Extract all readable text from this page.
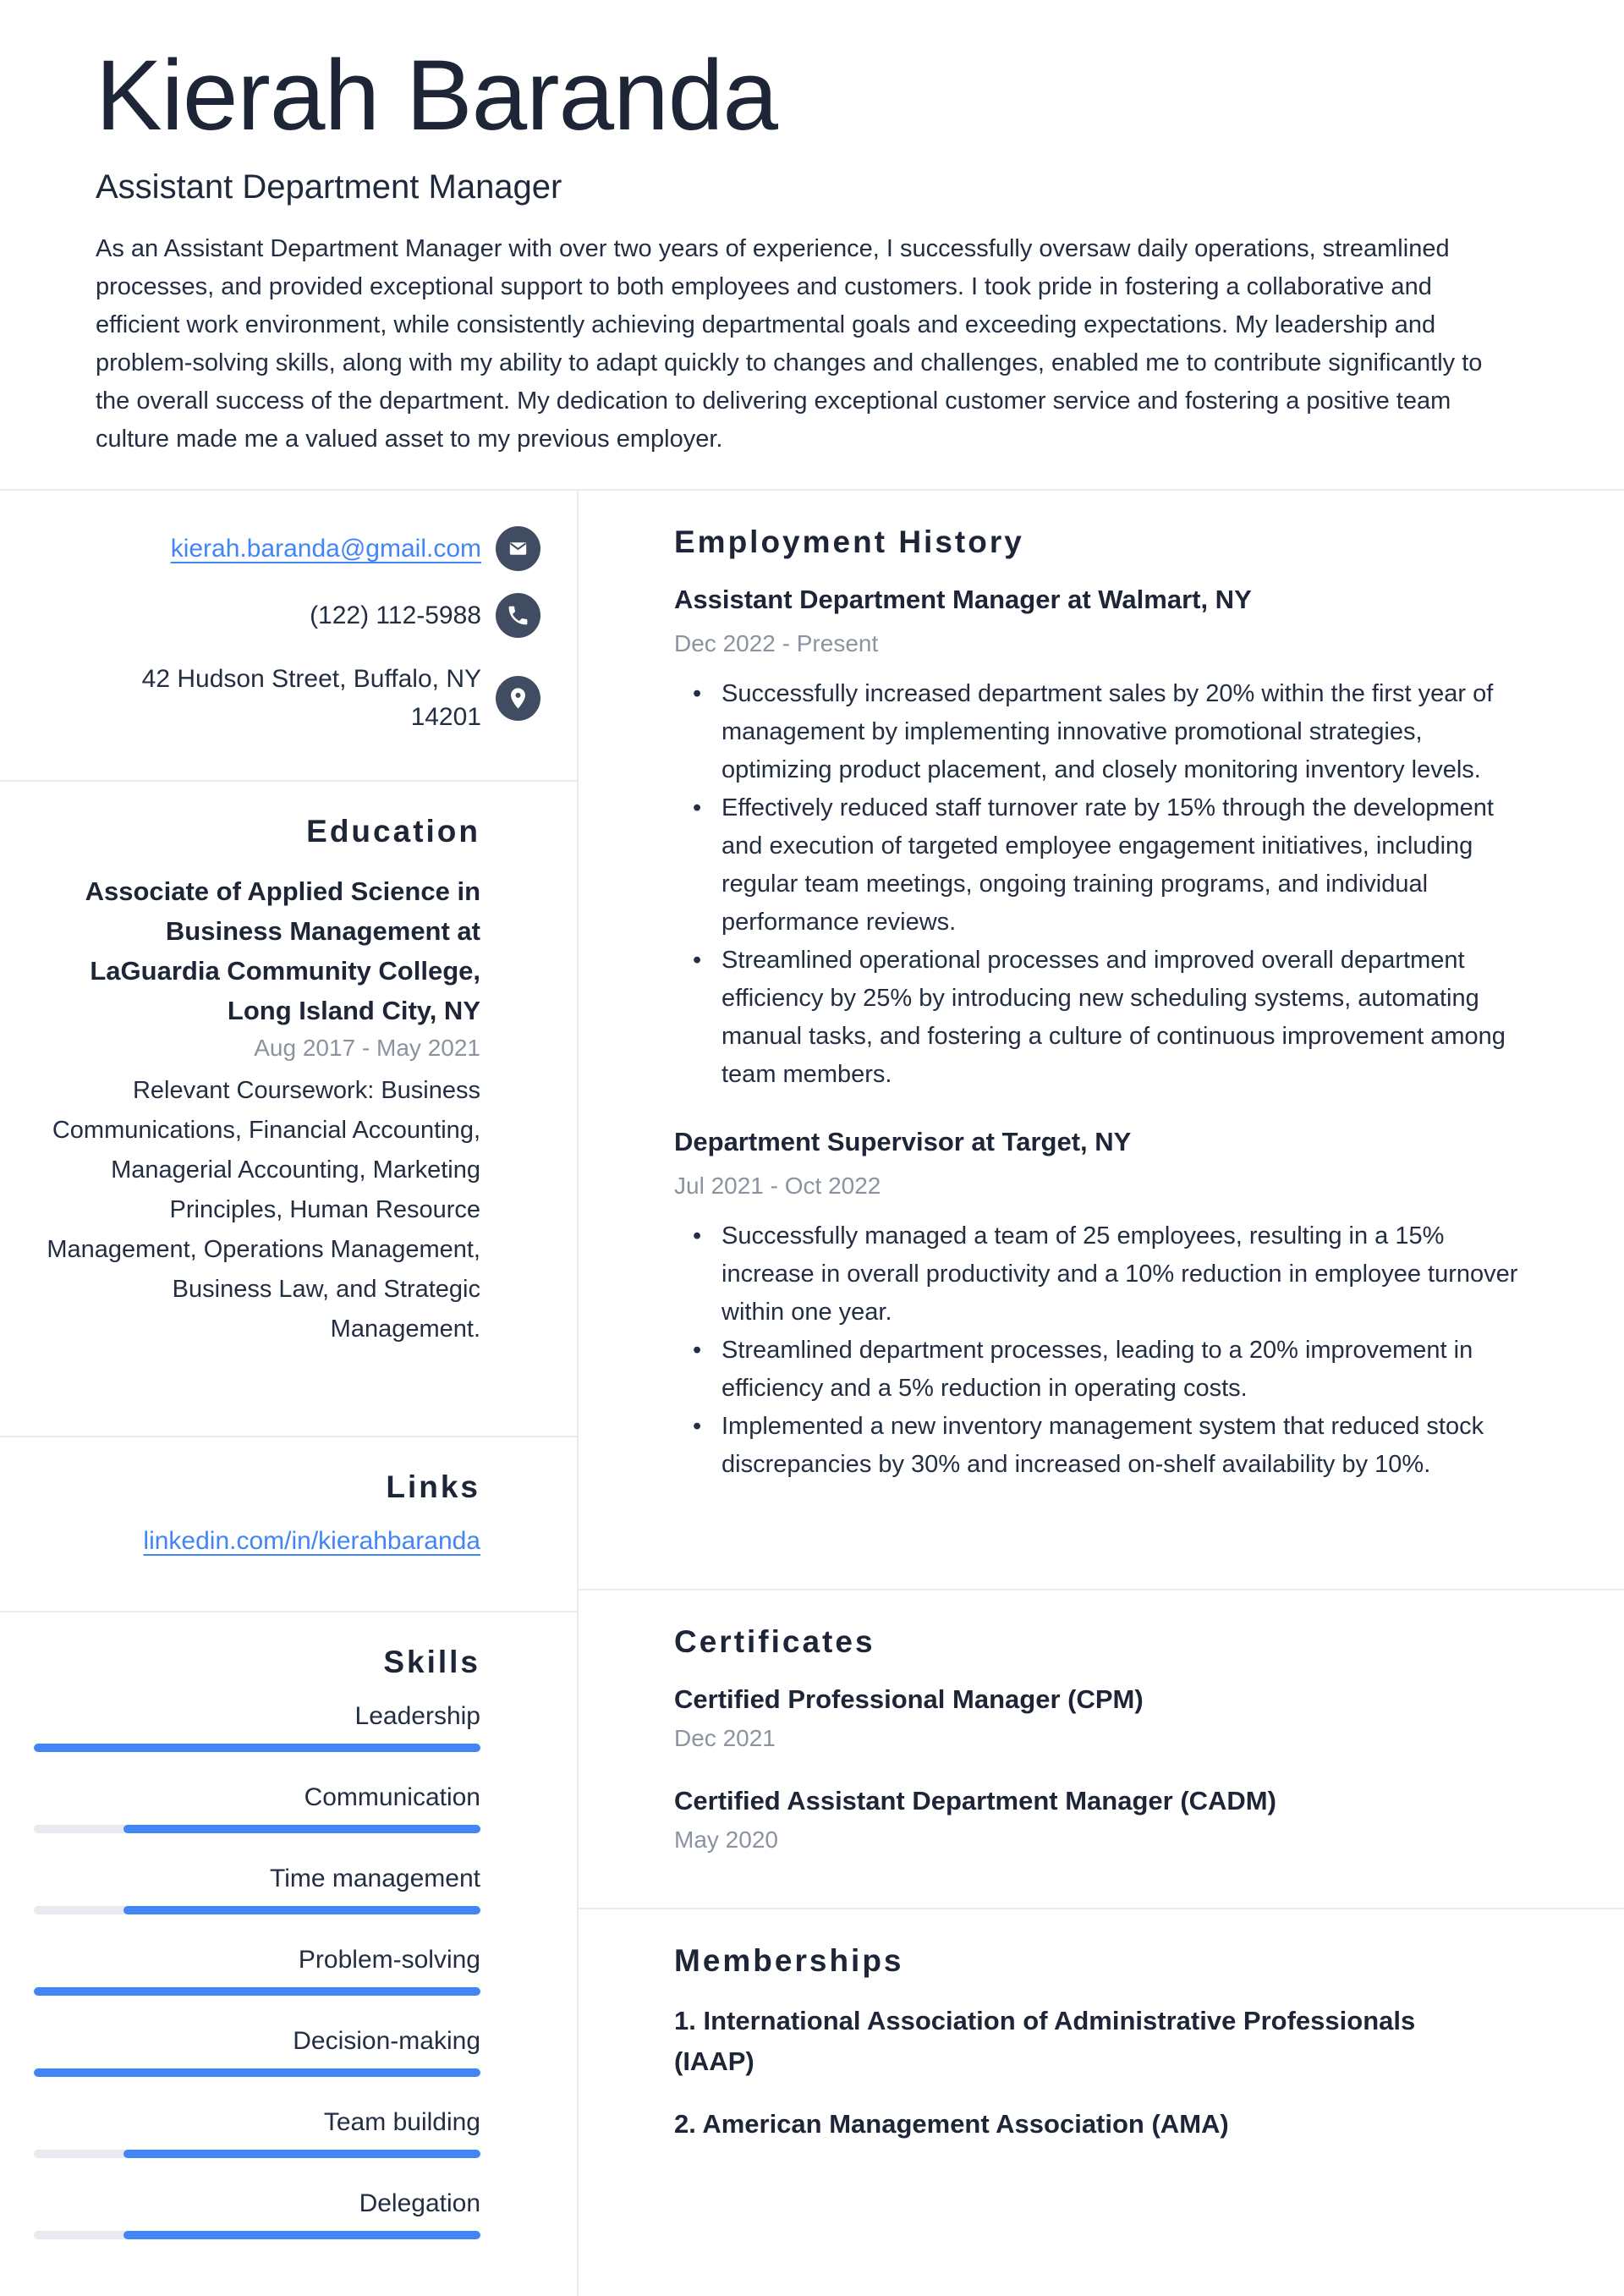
Kierah Baranda
Assistant Department Manager

As an Assistant Department Manager with over two years of experience, I successfully oversaw daily operations, streamlined processes, and provided exceptional support to both employees and customers. I took pride in fostering a collaborative and efficient work environment, while consistently achieving departmental goals and exceeding expectations. My leadership and problem-solving skills, along with my ability to adapt quickly to changes and challenges, enabled me to contribute significantly to the overall success of the department. My dedication to delivering exceptional customer service and fostering a positive team culture made me a valued asset to my previous employer.

kierah.baranda@gmail.com
(122) 112-5988
42 Hudson Street, Buffalo, NY
14201
Education

Associate of Applied Science in Business Management at LaGuardia Community College, Long Island City, NY

Aug 2017 - May 2021
Relevant Coursework: Business Communications, Financial Accounting, Managerial Accounting, Marketing Principles, Human Resource Management, Operations Management, Business Law, and Strategic Management.
Links
linkedin.com/in/kierahbaranda
Skills
Leadership
Communication
Time management
Problem-solving
Decision-making
Team building
Delegation
Employment History
Assistant Department Manager at Walmart, NY
Dec 2022 - Present
• Successfully increased department sales by 20% within the first year of management by implementing innovative promotional strategies, optimizing product placement, and closely monitoring inventory levels.
• Effectively reduced staff turnover rate by 15% through the development and execution of targeted employee engagement initiatives, including regular team meetings, ongoing training programs, and individual performance reviews.
• Streamlined operational processes and improved overall department efficiency by 25% by introducing new scheduling systems, automating manual tasks, and fostering a culture of continuous improvement among team members.
Department Supervisor at Target, NY
Jul 2021 - Oct 2022
• Successfully managed a team of 25 employees, resulting in a 15% increase in overall productivity and a 10% reduction in employee turnover within one year.
• Streamlined department processes, leading to a 20% improvement in efficiency and a 5% reduction in operating costs.
• Implemented a new inventory management system that reduced stock discrepancies by 30% and increased on-shelf availability by 10%.
Certificates
Certified Professional Manager (CPM)
Dec 2021
Certified Assistant Department Manager (CADM)
May 2020
Memberships
1. International Association of Administrative Professionals (IAAP)
2. American Management Association (AMA)
